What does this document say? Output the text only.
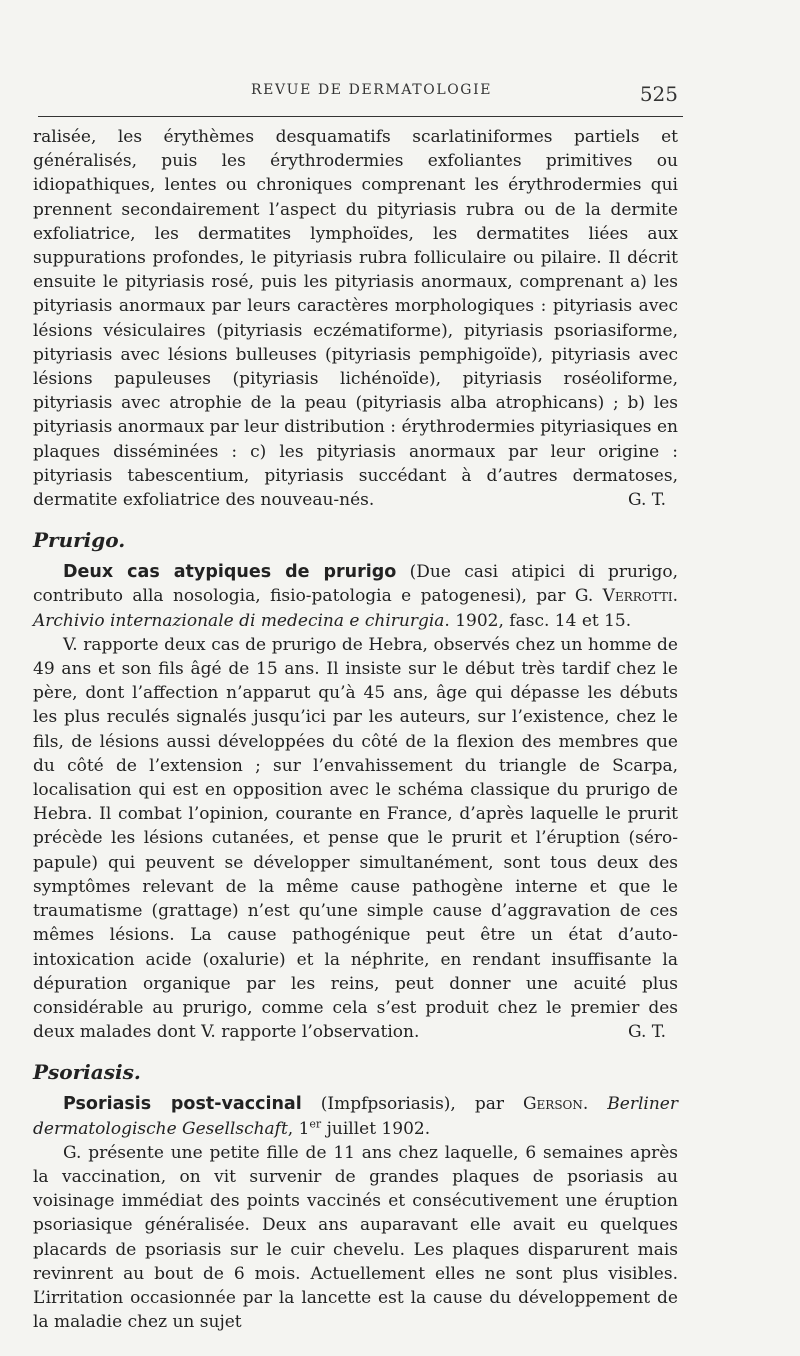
REVUE DE DERMATOLOGIE	525

ralisée, les érythèmes desquamatifs scarlatiniformes partiels et généralisés, puis les érythrodermies exfoliantes primitives ou idiopathiques, lentes ou chroniques comprenant les érythrodermies qui prennent secondairement l’aspect du pityriasis rubra ou de la dermite exfoliatrice, les dermatites lymphoïdes, les dermatites liées aux suppurations profondes, le pityriasis rubra folliculaire ou pilaire. Il décrit ensuite le pityriasis rosé, puis les pityriasis anormaux, comprenant a) les pityriasis anormaux par leurs caractères morphologiques : pityriasis avec lésions vésiculaires (pityriasis eczématiforme), pityriasis psoriasiforme, pityriasis avec lésions bulleuses (pityriasis pemphigoïde), pityriasis avec lésions papuleuses (pityriasis lichénoïde), pityriasis roséoliforme, pityriasis avec atrophie de la peau (pityriasis alba atrophicans) ; b) les pityriasis anormaux par leur distribution : érythrodermies pityriasiques en plaques disséminées : c) les pityriasis anormaux par leur origine : pityriasis tabescentium, pityriasis succédant à d’autres dermatoses, dermatite exfoliatrice des nouveau-nés.	G. T.

Prurigo.

Deux cas atypiques de prurigo (Due casi atipici di prurigo, contributo alla nosologia, fisio-patologia e patogenesi), par G. Verrotti. Archivio internazionale di medecina e chirurgia. 1902, fasc. 14 et 15.

V. rapporte deux cas de prurigo de Hebra, observés chez un homme de 49 ans et son fils âgé de 15 ans. Il insiste sur le début très tardif chez le père, dont l’affection n’apparut qu’à 45 ans, âge qui dépasse les débuts les plus reculés signalés jusqu’ici par les auteurs, sur l’existence, chez le fils, de lésions aussi développées du côté de la flexion des membres que du côté de l’extension ; sur l’envahissement du triangle de Scarpa, localisation qui est en opposition avec le schéma classique du prurigo de Hebra. Il combat l’opinion, courante en France, d’après laquelle le prurit précède les lésions cutanées, et pense que le prurit et l’éruption (séro-papule) qui peuvent se développer simultanément, sont tous deux des symptômes relevant de la même cause pathogène interne et que le traumatisme (grattage) n’est qu’une simple cause d’aggravation de ces mêmes lésions. La cause pathogénique peut être un état d’auto-intoxication acide (oxalurie) et la néphrite, en rendant insuffisante la dépuration organique par les reins, peut donner une acuité plus considérable au prurigo, comme cela s’est produit chez le premier des deux malades dont V. rapporte l’observation.	G. T.

Psoriasis.

Psoriasis post-vaccinal (Impfpsoriasis), par Gerson. Berliner dermatologische Gesellschaft, 1er juillet 1902.

G. présente une petite fille de 11 ans chez laquelle, 6 semaines après la vaccination, on vit survenir de grandes plaques de psoriasis au voisinage immédiat des points vaccinés et consécutivement une éruption psoriasique généralisée. Deux ans auparavant elle avait eu quelques placards de psoriasis sur le cuir chevelu. Les plaques disparurent mais revinrent au bout de 6 mois. Actuellement elles ne sont plus visibles. L’irritation occasionnée par la lancette est la cause du développement de la maladie chez un sujet
